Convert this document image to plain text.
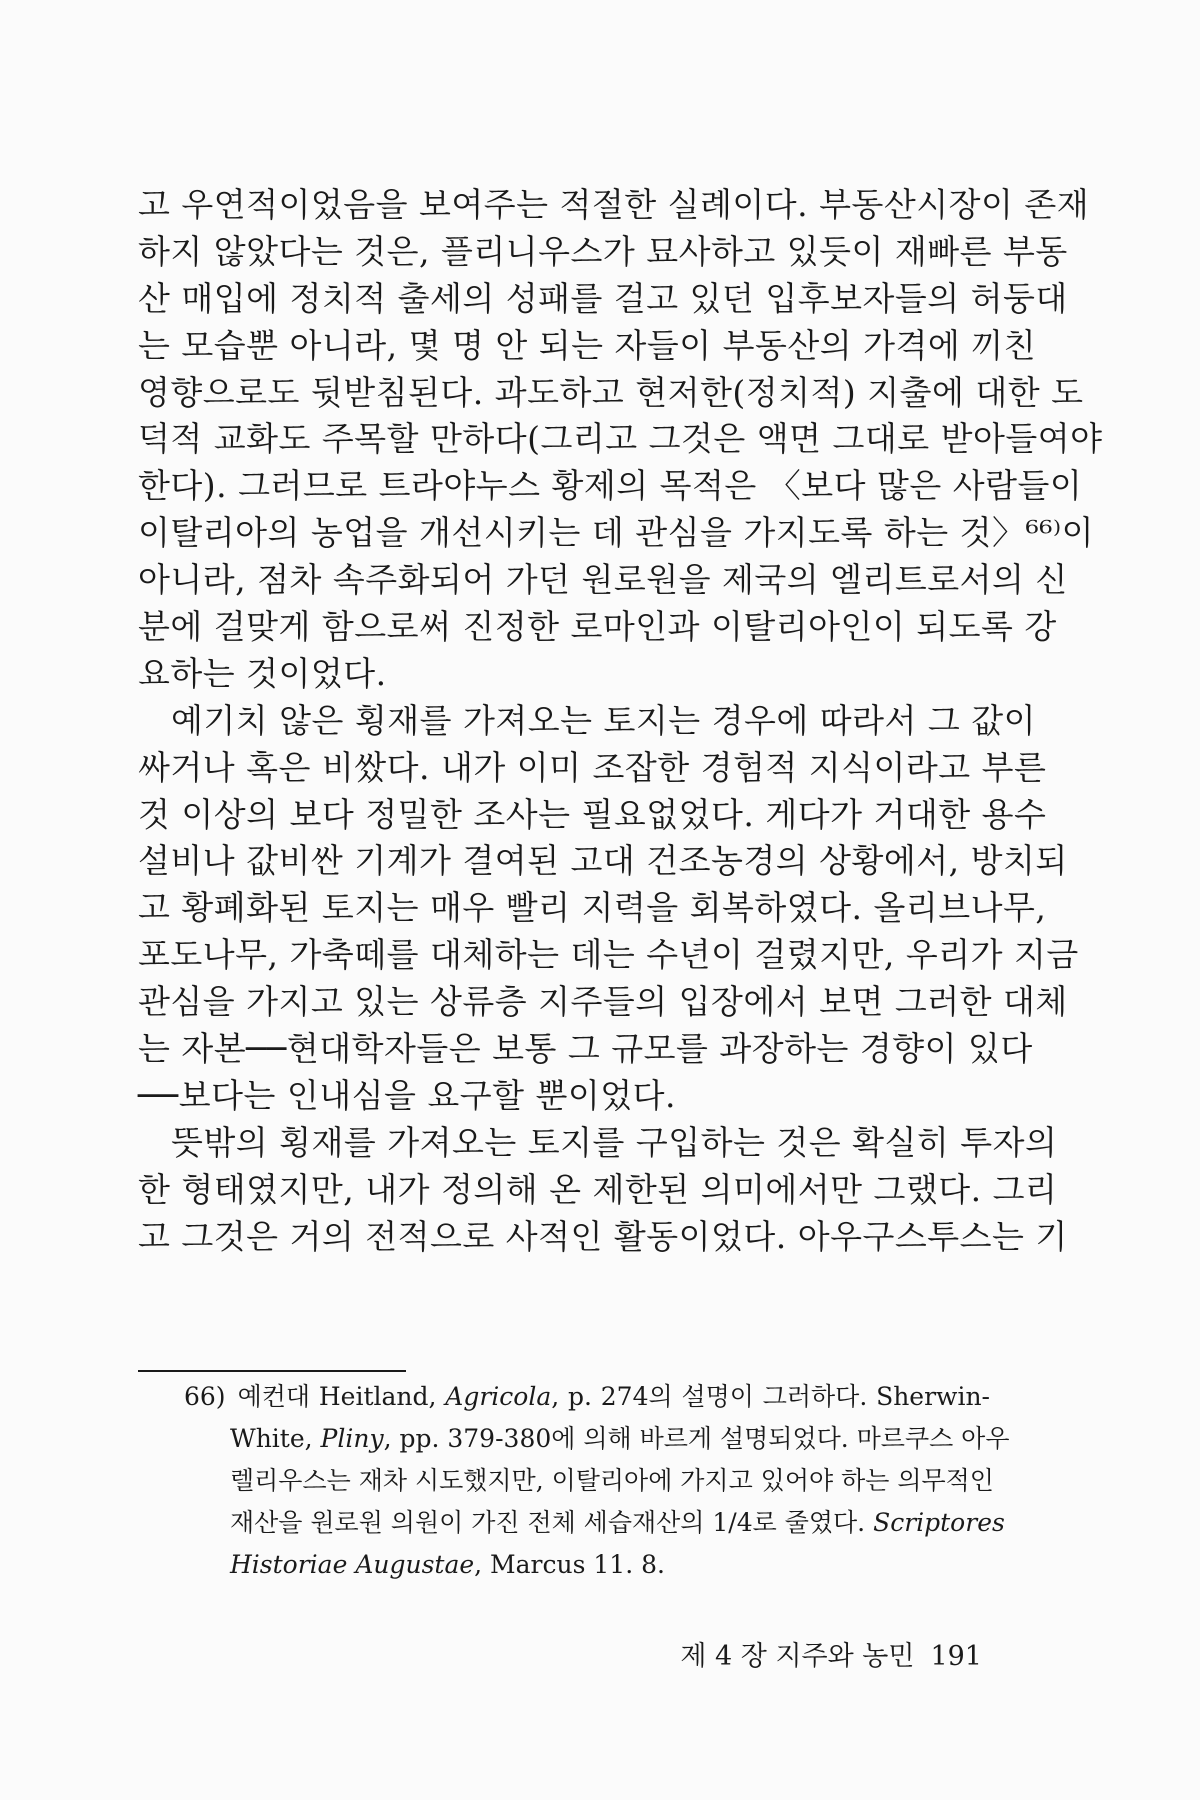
고 우연적이었음을 보여주는 적절한 실례이다. 부동산시장이 존재
하지 않았다는 것은, 플리니우스가 묘사하고 있듯이 재빠른 부동
산 매입에 정치적 출세의 성패를 걸고 있던 입후보자들의 허둥대
는 모습뿐 아니라, 몇 명 안 되는 자들이 부동산의 가격에 끼친
영향으로도 뒷받침된다. 과도하고 현저한(정치적) 지출에 대한 도
덕적 교화도 주목할 만하다(그리고 그것은 액면 그대로 받아들여야
한다). 그러므로 트라야누스 황제의 목적은 〈보다 많은 사람들이
이탈리아의 농업을 개선시키는 데 관심을 가지도록 하는 것〉⁶⁶⁾이
아니라, 점차 속주화되어 가던 원로원을 제국의 엘리트로서의 신
분에 걸맞게 함으로써 진정한 로마인과 이탈리아인이 되도록 강
요하는 것이었다.
예기치 않은 횡재를 가져오는 토지는 경우에 따라서 그 값이
싸거나 혹은 비쌌다. 내가 이미 조잡한 경험적 지식이라고 부른
것 이상의 보다 정밀한 조사는 필요없었다. 게다가 거대한 용수
설비나 값비싼 기계가 결여된 고대 건조농경의 상황에서, 방치되
고 황폐화된 토지는 매우 빨리 지력을 회복하였다. 올리브나무,
포도나무, 가축떼를 대체하는 데는 수년이 걸렸지만, 우리가 지금
관심을 가지고 있는 상류층 지주들의 입장에서 보면 그러한 대체
는 자본──현대학자들은 보통 그 규모를 과장하는 경향이 있다
──보다는 인내심을 요구할 뿐이었다.
뜻밖의 횡재를 가져오는 토지를 구입하는 것은 확실히 투자의
한 형태였지만, 내가 정의해 온 제한된 의미에서만 그랬다. 그리
고 그것은 거의 전적으로 사적인 활동이었다. 아우구스투스는 기
66) 예컨대 Heitland, Agricola, p. 274의 설명이 그러하다. Sherwin-
White, Pliny, pp. 379-380에 의해 바르게 설명되었다. 마르쿠스 아우
렐리우스는 재차 시도했지만, 이탈리아에 가지고 있어야 하는 의무적인
재산을 원로원 의원이 가진 전체 세습재산의 1/4로 줄였다. Scriptores
Historiae Augustae, Marcus 11. 8.
제 4 장 지주와 농민 191
